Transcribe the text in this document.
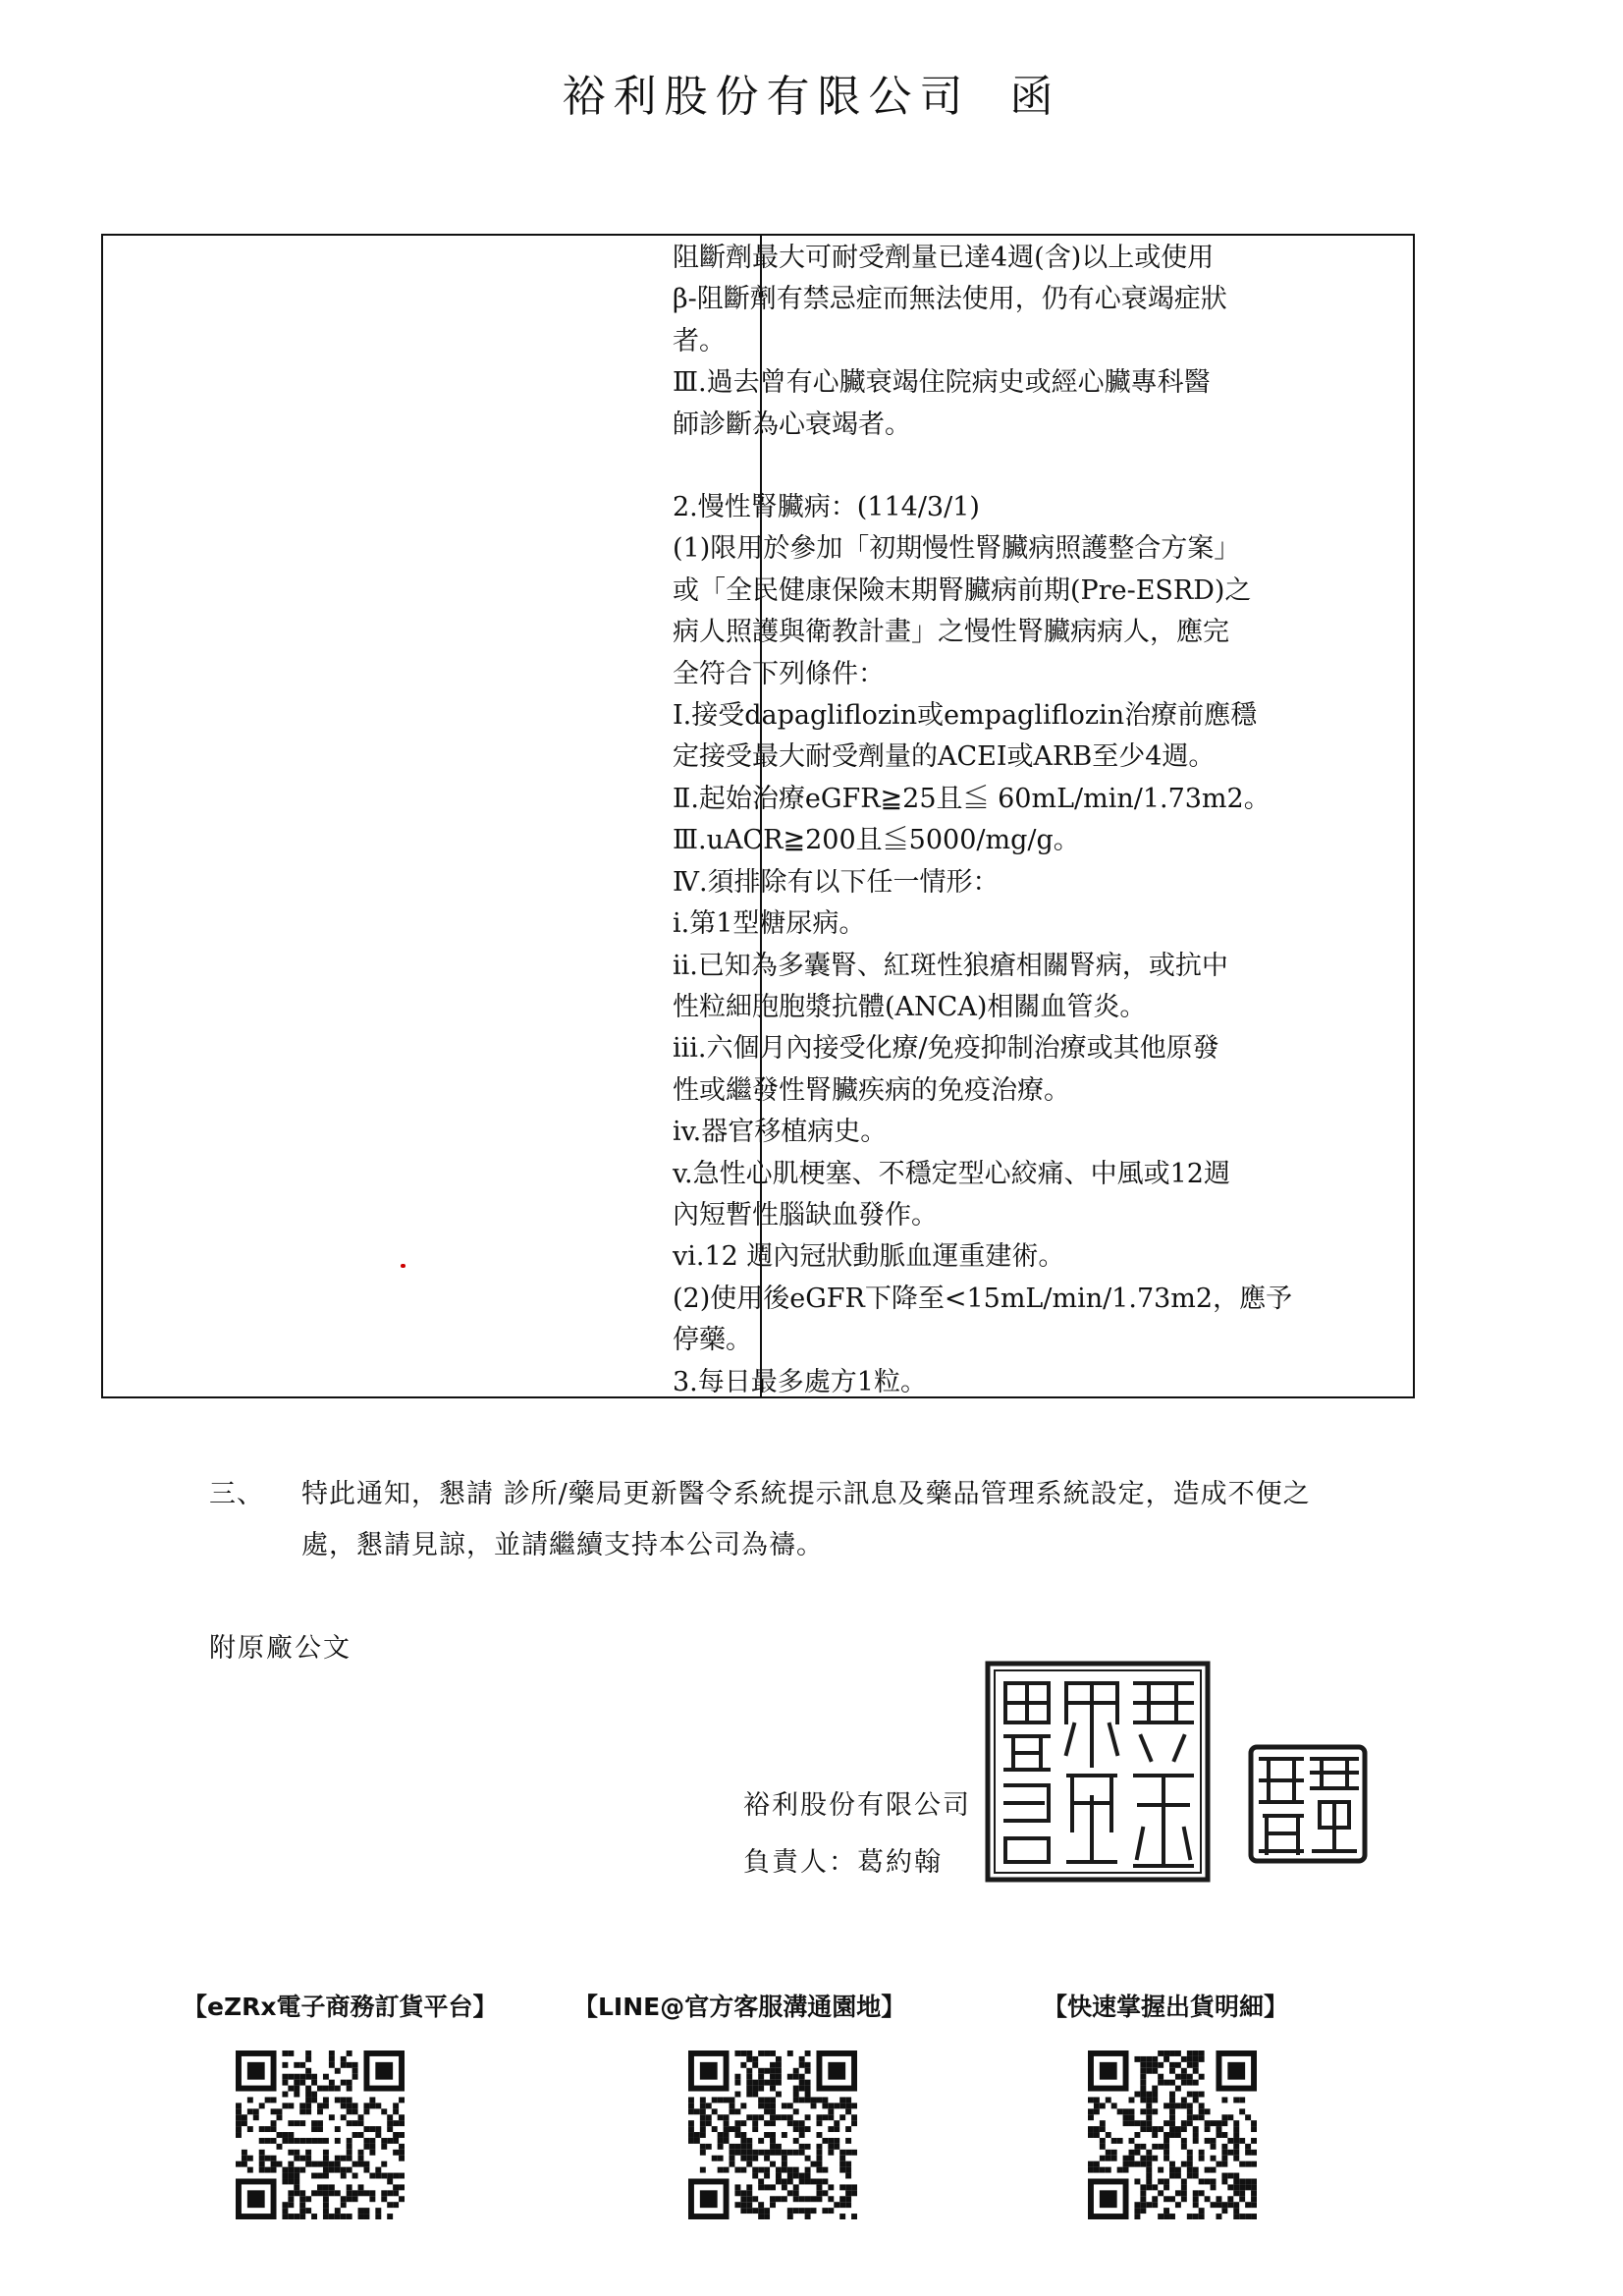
裕利股份有限公司 函

阻斷劑最大可耐受劑量已達4週(含)以上或使用

β-阻斷劑有禁忌症而無法使用，仍有心衰竭症狀

者。

Ⅲ.過去曾有心臟衰竭住院病史或經心臟專科醫

師診斷為心衰竭者。

2.慢性腎臟病：(114/3/1)

(1)限用於參加「初期慢性腎臟病照護整合方案」

或「全民健康保險末期腎臟病前期(Pre-ESRD)之

病人照護與衛教計畫」之慢性腎臟病病人，應完

全符合下列條件：

Ⅰ.接受dapagliflozin或empagliflozin治療前應穩

定接受最大耐受劑量的ACEI或ARB至少4週。

Ⅱ.起始治療eGFR≧25且≦ 60mL/min/1.73m2。

Ⅲ.uACR≧200且≦5000/mg/g。

Ⅳ.須排除有以下任一情形：

i.第1型糖尿病。

ii.已知為多囊腎、紅斑性狼瘡相關腎病，或抗中

性粒細胞胞漿抗體(ANCA)相關血管炎。

iii.六個月內接受化療/免疫抑制治療或其他原發

性或繼發性腎臟疾病的免疫治療。

iv.器官移植病史。

v.急性心肌梗塞、不穩定型心絞痛、中風或12週

內短暫性腦缺血發作。

vi.12 週內冠狀動脈血運重建術。

(2)使用後eGFR下降至<15mL/min/1.73m2，應予

停藥。

3.每日最多處方1粒。

三、 特此通知，懇請 診所/藥局更新醫令系統提示訊息及藥品管理系統設定，造成不便之
處，懇請見諒，並請繼續支持本公司為禱。
附原廠公文
裕利股份有限公司
負責人：葛約翰
【eZRx電子商務訂貨平台】	【LINE@官方客服溝通園地】	【快速掌握出貨明細】
